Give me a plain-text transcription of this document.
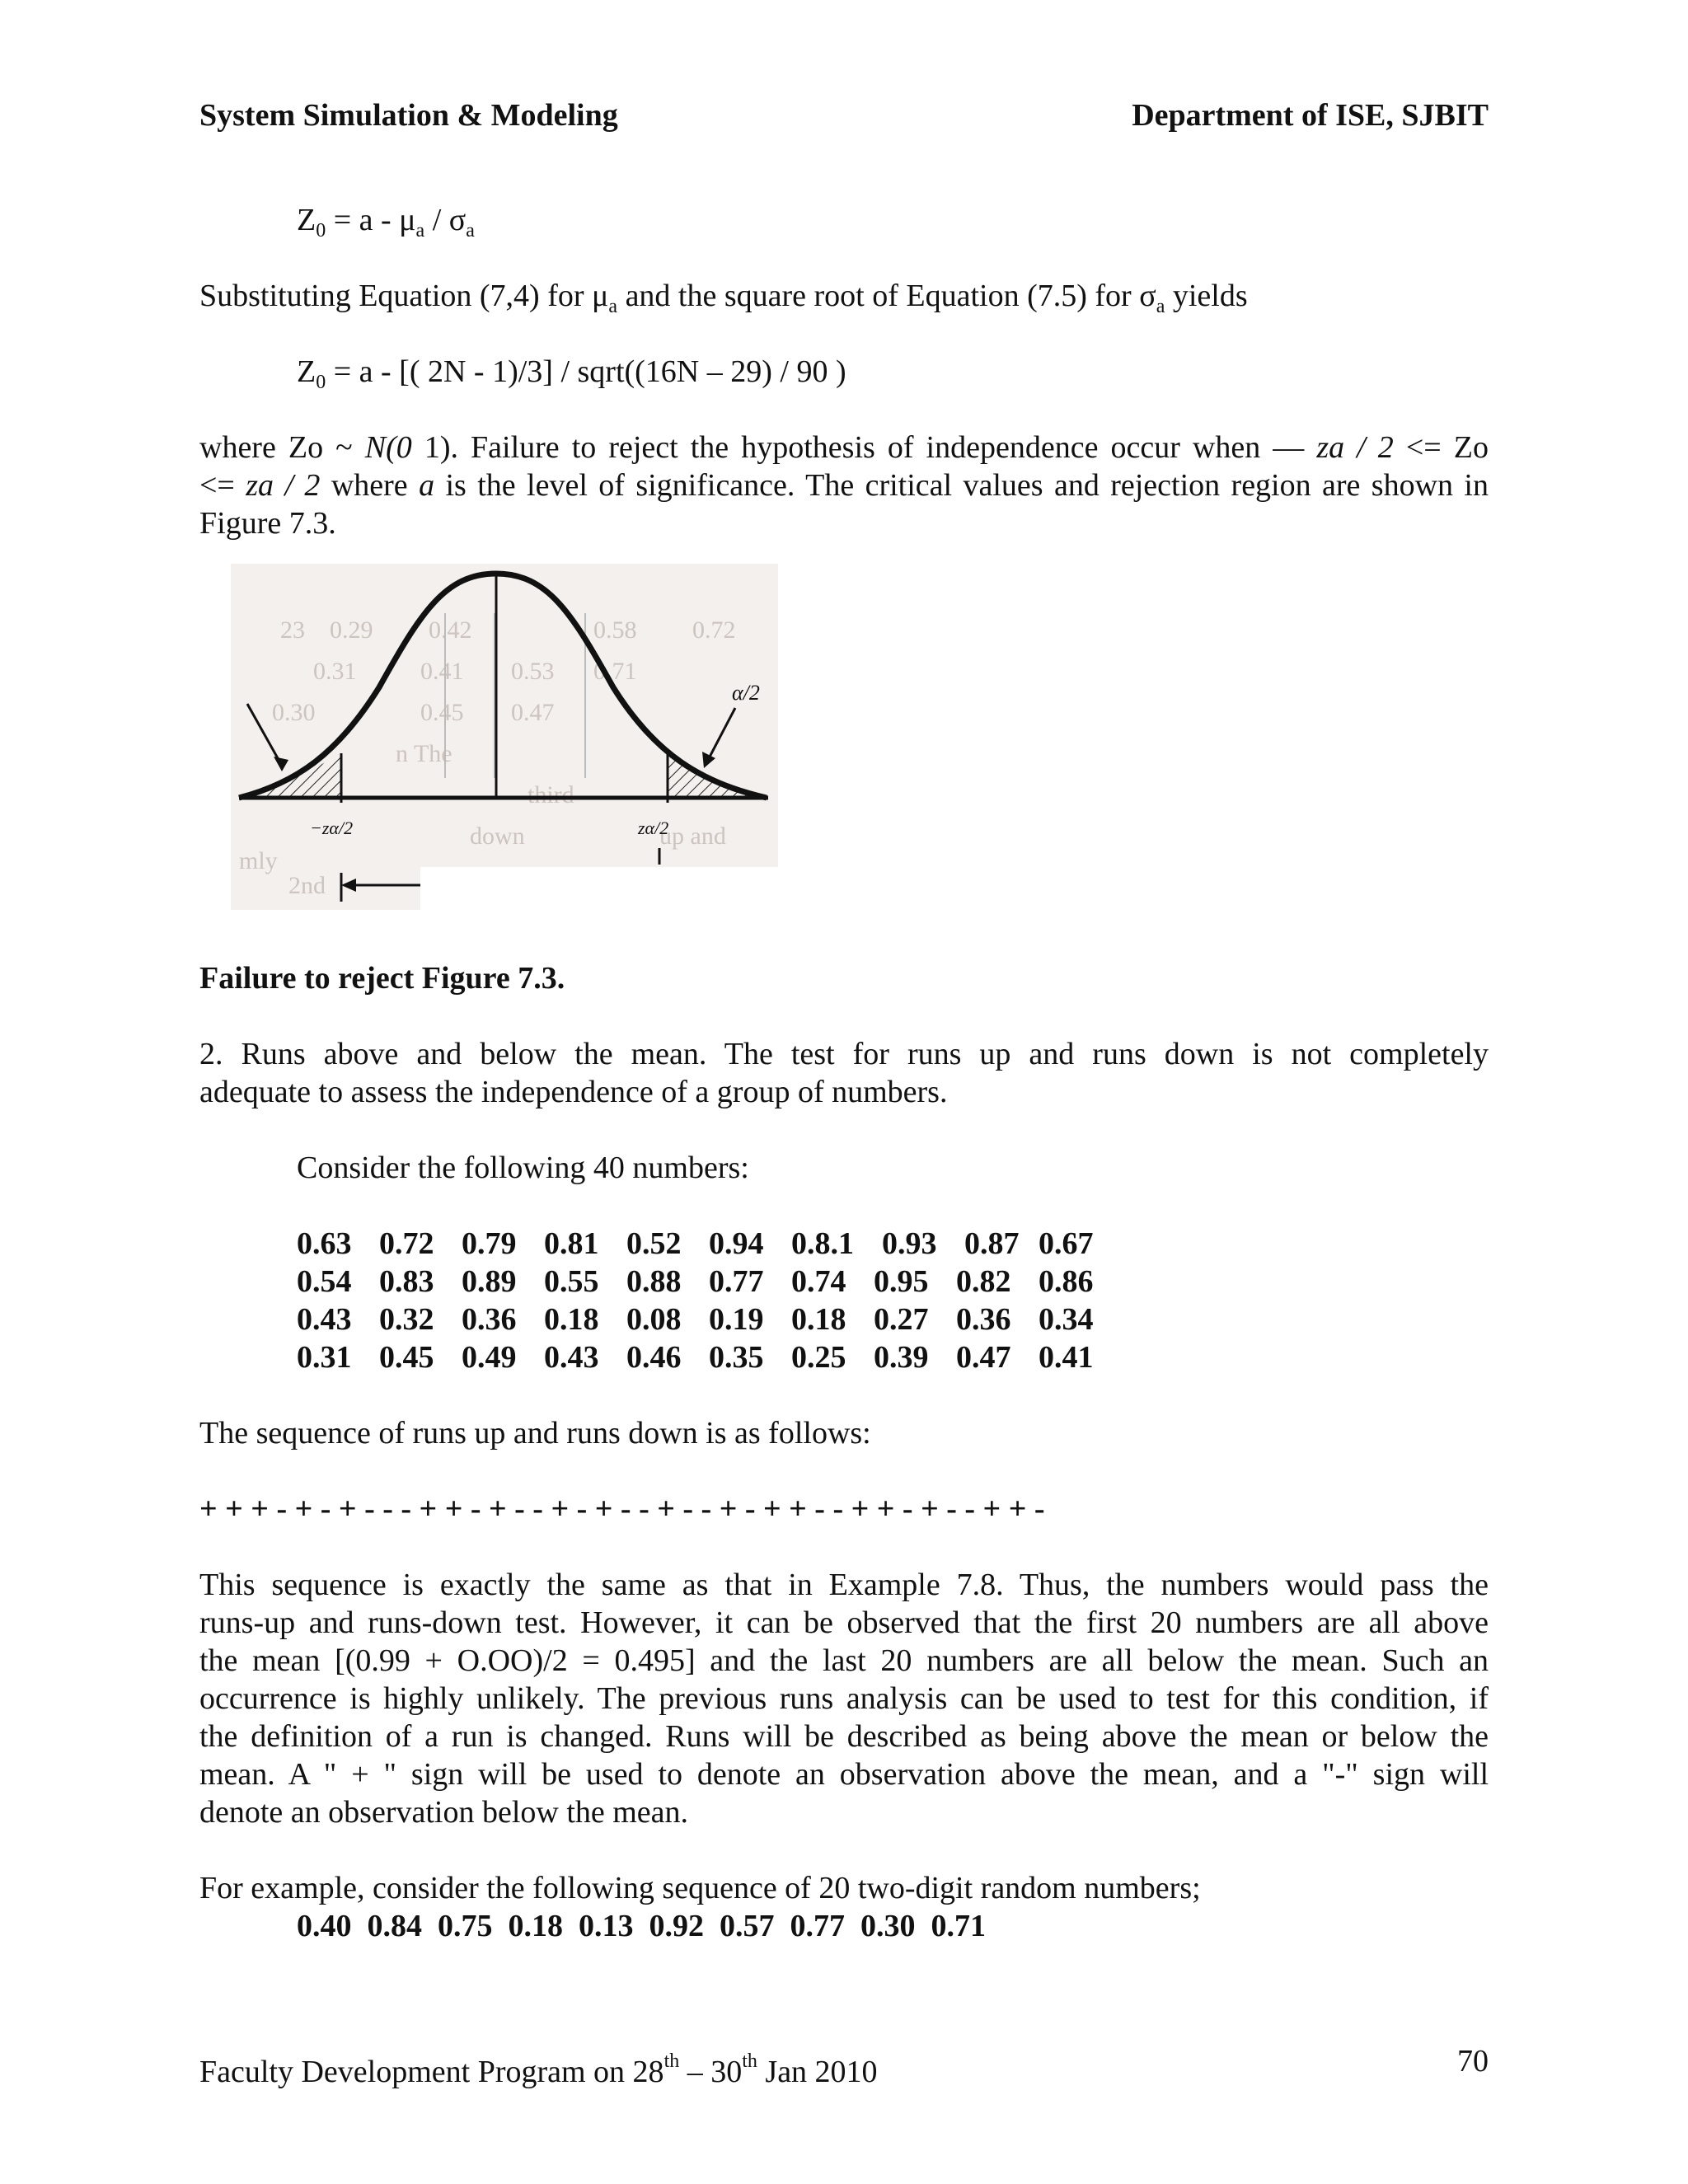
System Simulation & Modeling	Department of ISE, SJBIT
$Z_0 = a - \mu_a / \sigma_a$
Substituting Equation (7,4) for $\mu_a$ and the square root of Equation (7.5) for $\sigma_a$ yields
$Z_0 = a$ - [( 2N - 1)/3] / sqrt((16N – 29) / 90 )
where Zo ~ N(0 1). Failure to reject the hypothesis of independence occur when — za / 2 <= Zo
<= za / 2 where a is the level of significance. The critical values and rejection region are shown in
Figure 7.3.
23 0.29 0.42	0.58 0.72
0.31	0.41 0.53 0.71
0.45 0.47
0.30
n The
third
up and
down
mly
2nd
α/2
−zα/2	zα/2
Failure to reject Figure 7.3.
2. Runs above and below the mean. The test for runs up and runs down is not completely
adequate to assess the independence of a group of numbers.
Consider the following 40 numbers:
0.63 0.72 0.79 0.81 0.52 0.94 0.8.1 0.93 0.87 0.67
0.54 0.83 0.89 0.55 0.88 0.77 0.74 0.95 0.82 0.86
0.43 0.32 0.36 0.18 0.08 0.19 0.18 0.27 0.36 0.34
0.31 0.45 0.49 0.43 0.46 0.35 0.25 0.39 0.47 0.41
The sequence of runs up and runs down is as follows:
+ + + - + - + - - - + + - + - - + - + - - + - - + - + + - - + + - + - - + + -
This sequence is exactly the same as that in Example 7.8. Thus, the numbers would pass the
runs-up and runs-down test. However, it can be observed that the first 20 numbers are all above
the mean [(0.99 + O.OO)/2 = 0.495] and the last 20 numbers are all below the mean. Such an
occurrence is highly unlikely. The previous runs analysis can be used to test for this condition, if
the definition of a run is changed. Runs will be described as being above the mean or below the
mean. A " + " sign will be used to denote an observation above the mean, and a "-" sign will
denote an observation below the mean.
For example, consider the following sequence of 20 two-digit random numbers;
0.40  0.84  0.75  0.18  0.13  0.92  0.57  0.77  0.30  0.71
Faculty Development Program on 28th – 30th Jan 2010	70
